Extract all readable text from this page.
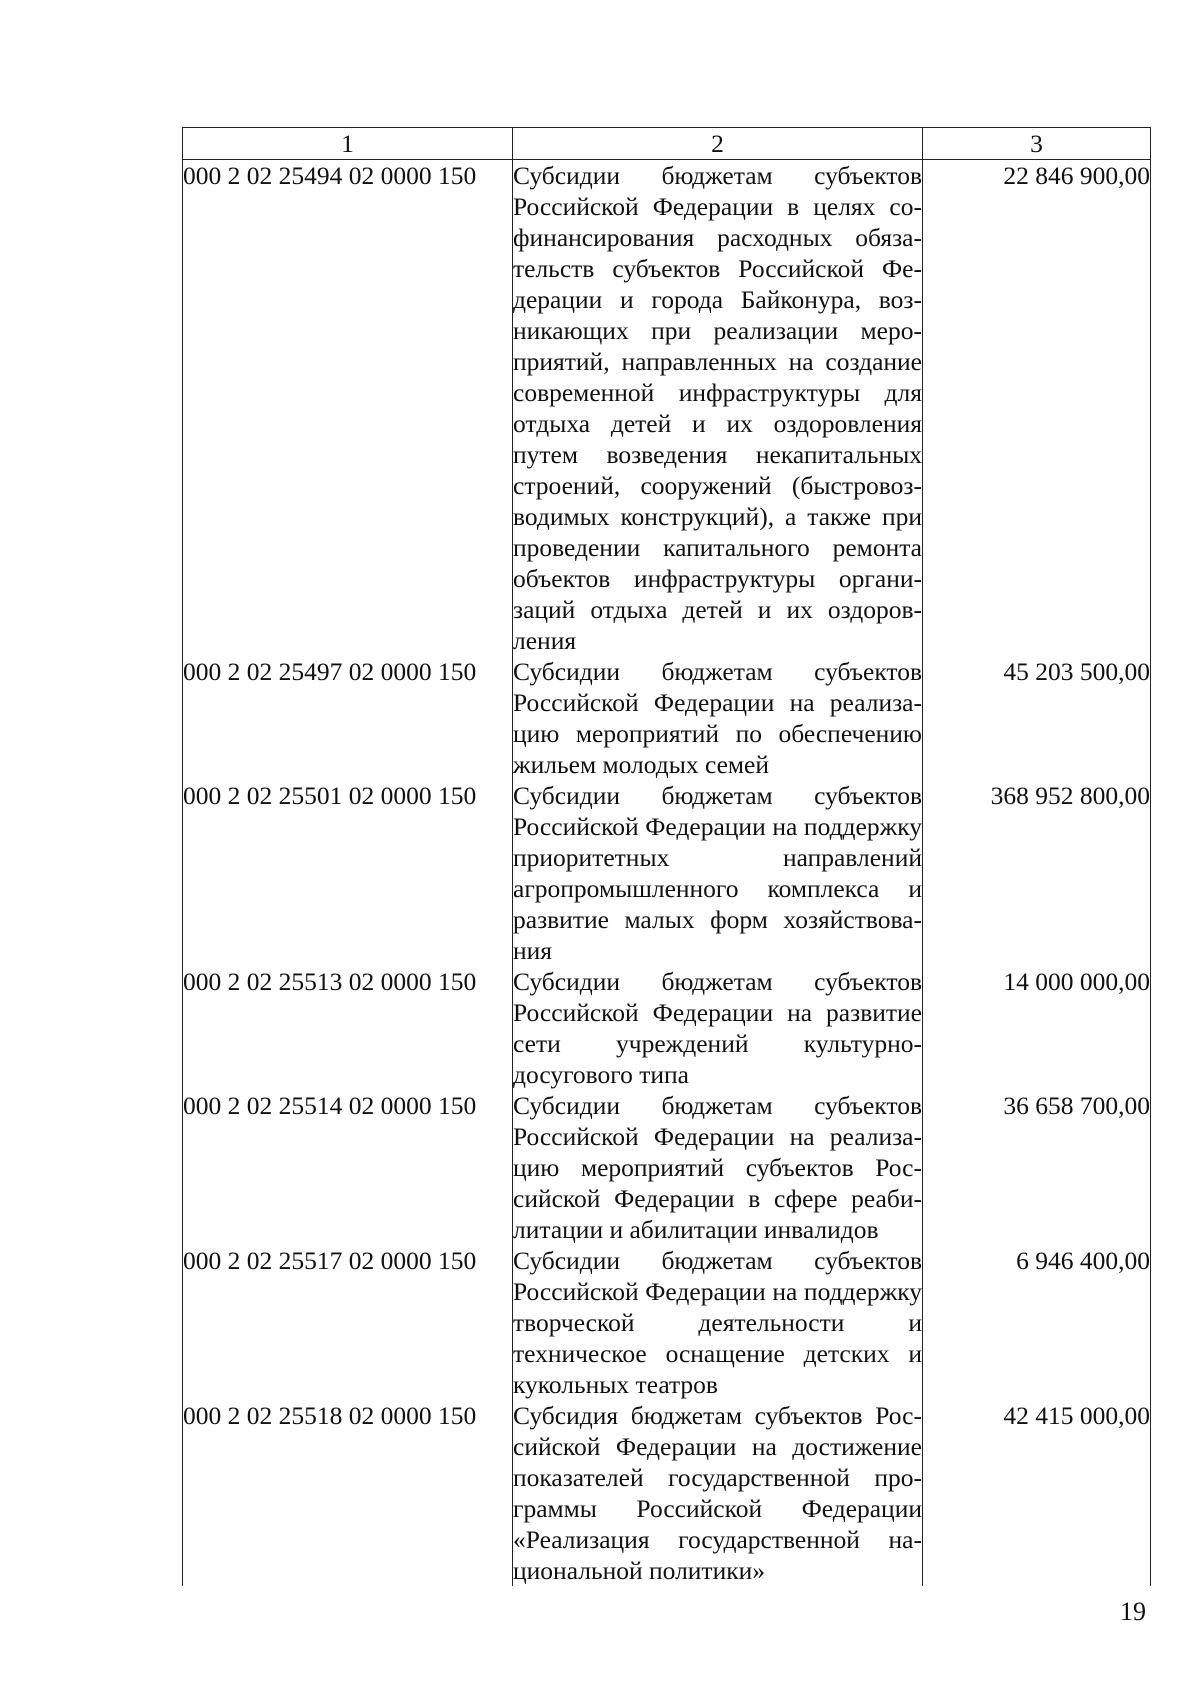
1	2	3
000 2 02 25494 02 0000 150	Субсидии бюджетам субъектов Российской Федерации в целях софинансирования расходных обязательств субъектов Российской Федерации и города Байконура, возникающих при реализации мероприятий, направленных на создание современной инфраструктуры для отдыха детей и их оздоровления путем возведения некапитальных строений, сооружений (быстровозводимых конструкций), а также при проведении капитального ремонта объектов инфраструктуры организаций отдыха детей и их оздоровления	22 846 900,00
000 2 02 25497 02 0000 150	Субсидии бюджетам субъектов Российской Федерации на реализацию мероприятий по обеспечению жильем молодых семей	45 203 500,00
000 2 02 25501 02 0000 150	Субсидии бюджетам субъектов Российской Федерации на поддержку приоритетных направлений агропромышленного комплекса и развитие малых форм хозяйствования	368 952 800,00
000 2 02 25513 02 0000 150	Субсидии бюджетам субъектов Российской Федерации на развитие сети учреждений культурно-досугового типа	14 000 000,00
000 2 02 25514 02 0000 150	Субсидии бюджетам субъектов Российской Федерации на реализацию мероприятий субъектов Российской Федерации в сфере реабилитации и абилитации инвалидов	36 658 700,00
000 2 02 25517 02 0000 150	Субсидии бюджетам субъектов Российской Федерации на поддержку творческой деятельности и техническое оснащение детских и кукольных театров	6 946 400,00
000 2 02 25518 02 0000 150	Субсидия бюджетам субъектов Российской Федерации на достижение показателей государственной программы Российской Федерации «Реализация государственной национальной политики»	42 415 000,00
19
